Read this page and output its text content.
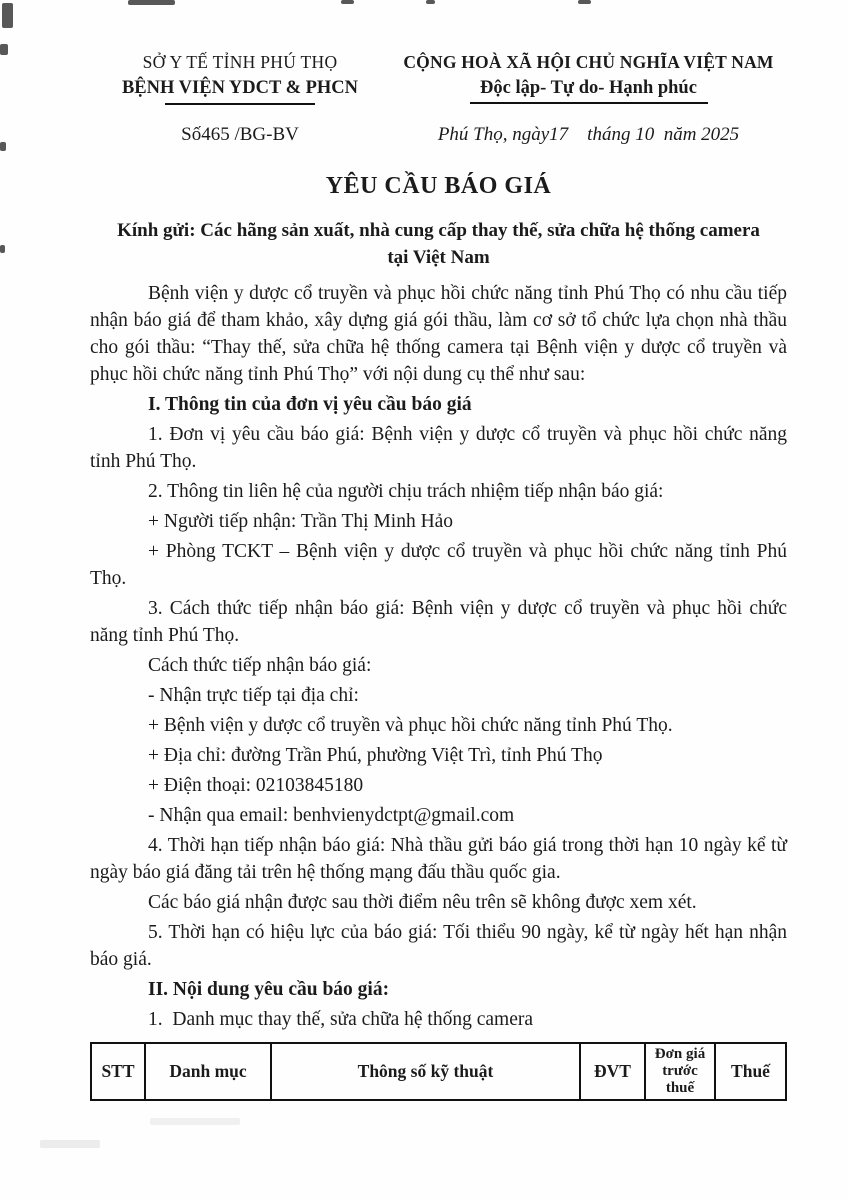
SỞ Y TẾ TỈNH PHÚ THỌ
BỆNH VIỆN YDCT & PHCN
CỘNG HOÀ XÃ HỘI CHỦ NGHĨA VIỆT NAM
Độc lập- Tự do- Hạnh phúc
Số465 /BG-BV	Phú Thọ, ngày17    tháng 10  năm 2025
YÊU CẦU BÁO GIÁ
Kính gửi: Các hãng sản xuất, nhà cung cấp thay thế, sửa chữa hệ thống camera tại Việt Nam

Bệnh viện y dược cổ truyền và phục hồi chức năng tỉnh Phú Thọ có nhu cầu tiếp nhận báo giá để tham khảo, xây dựng giá gói thầu, làm cơ sở tổ chức lựa chọn nhà thầu cho gói thầu: “Thay thế, sửa chữa hệ thống camera tại Bệnh viện y dược cổ truyền và phục hồi chức năng tỉnh Phú Thọ” với nội dung cụ thể như sau:

I. Thông tin của đơn vị yêu cầu báo giá

1. Đơn vị yêu cầu báo giá: Bệnh viện y dược cổ truyền và phục hồi chức năng tỉnh Phú Thọ.

2. Thông tin liên hệ của người chịu trách nhiệm tiếp nhận báo giá:

+ Người tiếp nhận: Trần Thị Minh Hảo

+ Phòng TCKT – Bệnh viện y dược cổ truyền và phục hồi chức năng tỉnh Phú Thọ.

3. Cách thức tiếp nhận báo giá: Bệnh viện y dược cổ truyền và phục hồi chức năng tỉnh Phú Thọ.

Cách thức tiếp nhận báo giá:

- Nhận trực tiếp tại địa chỉ:

+ Bệnh viện y dược cổ truyền và phục hồi chức năng tỉnh Phú Thọ.

+ Địa chỉ: đường Trần Phú, phường Việt Trì, tỉnh Phú Thọ

+ Điện thoại: 02103845180

- Nhận qua email: benhvienydctpt@gmail.com

4. Thời hạn tiếp nhận báo giá: Nhà thầu gửi báo giá trong thời hạn 10 ngày kể từ ngày báo giá đăng tải trên hệ thống mạng đấu thầu quốc gia.

Các báo giá nhận được sau thời điểm nêu trên sẽ không được xem xét.

5. Thời hạn có hiệu lực của báo giá: Tối thiểu 90 ngày, kể từ ngày hết hạn nhận báo giá.

II. Nội dung yêu cầu báo giá:

1.  Danh mục thay thế, sửa chữa hệ thống camera

STT	Danh mục	Thông số kỹ thuật	ĐVT	Đơn giá trước thuế	Thuế
